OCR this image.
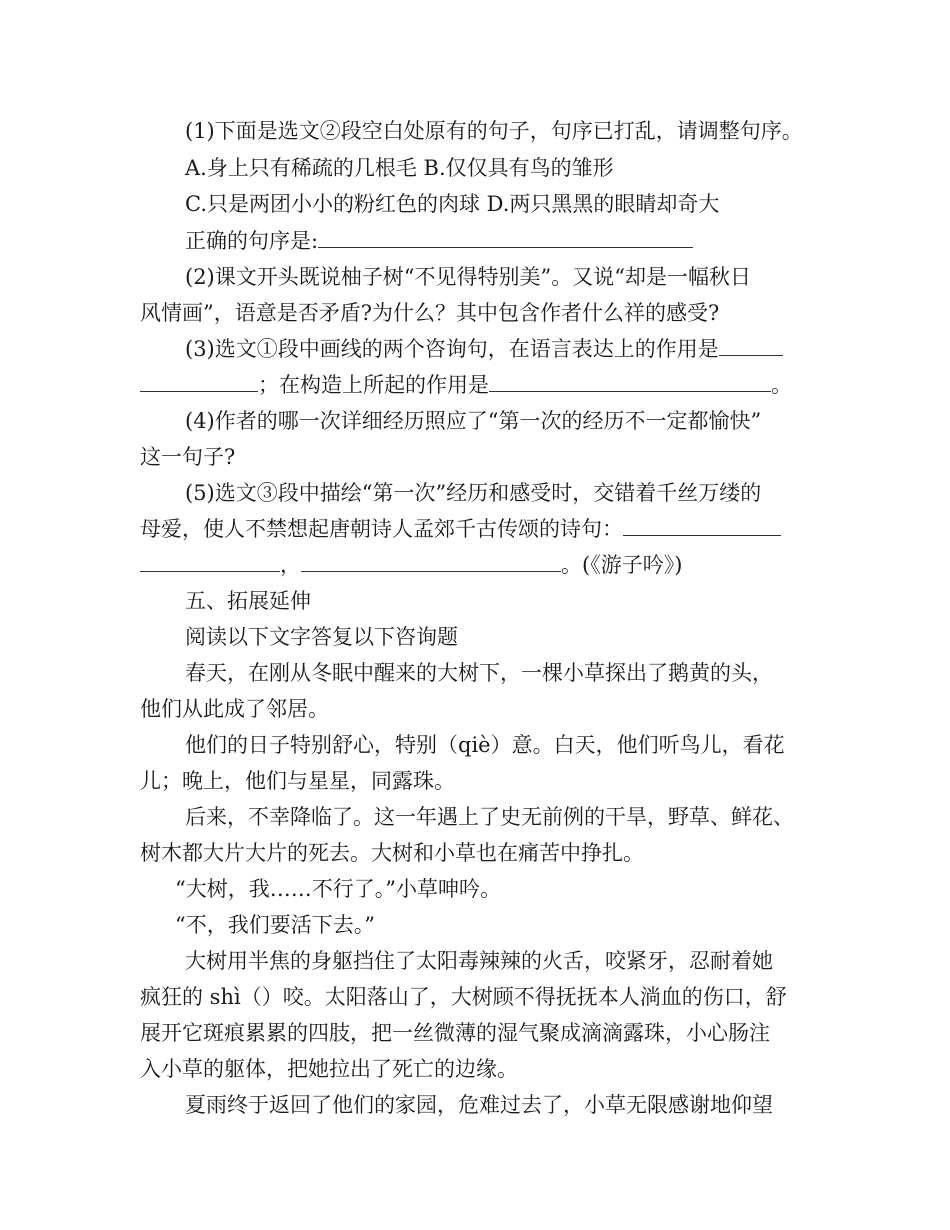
(1)下面是选文②段空白处原有的句子，句序已打乱，请调整句序。
A.身上只有稀疏的几根毛 B.仅仅具有鸟的雏形
C.只是两团小小的粉红色的肉球 D.两只黑黑的眼睛却奇大
正确的句序是:
(2)课文开头既说柚子树“不见得特别美”。又说“却是一幅秋日
风情画”，语意是否矛盾?为什么？其中包含作者什么祥的感受?
(3)选文①段中画线的两个咨询句，在语言表达上的作用是
；在构造上所起的作用是	。
(4)作者的哪一次详细经历照应了“第一次的经历不一定都愉快”
这一句子?
(5)选文③段中描绘“第一次”经历和感受时，交错着千丝万缕的
母爱，使人不禁想起唐朝诗人孟郊千古传颂的诗句：
，	。(《游子吟》)
五、拓展延伸
阅读以下文字答复以下咨询题
春天，在刚从冬眠中醒来的大树下，一棵小草探出了鹅黄的头，
他们从此成了邻居。
他们的日子特别舒心，特别（qiè）意。白天，他们听鸟儿，看花
儿；晚上，他们与星星，同露珠。
后来，不幸降临了。这一年遇上了史无前例的干旱，野草、鲜花、
树木都大片大片的死去。大树和小草也在痛苦中挣扎。
“大树，我……不行了。”小草呻吟。
“不，我们要活下去。”
大树用半焦的身躯挡住了太阳毒辣辣的火舌，咬紧牙，忍耐着她
疯狂的 shì（）咬。太阳落山了，大树顾不得抚抚本人淌血的伤口，舒
展开它斑痕累累的四肢，把一丝微薄的湿气聚成滴滴露珠，小心肠注
入小草的躯体，把她拉出了死亡的边缘。
夏雨终于返回了他们的家园，危难过去了，小草无限感谢地仰望
